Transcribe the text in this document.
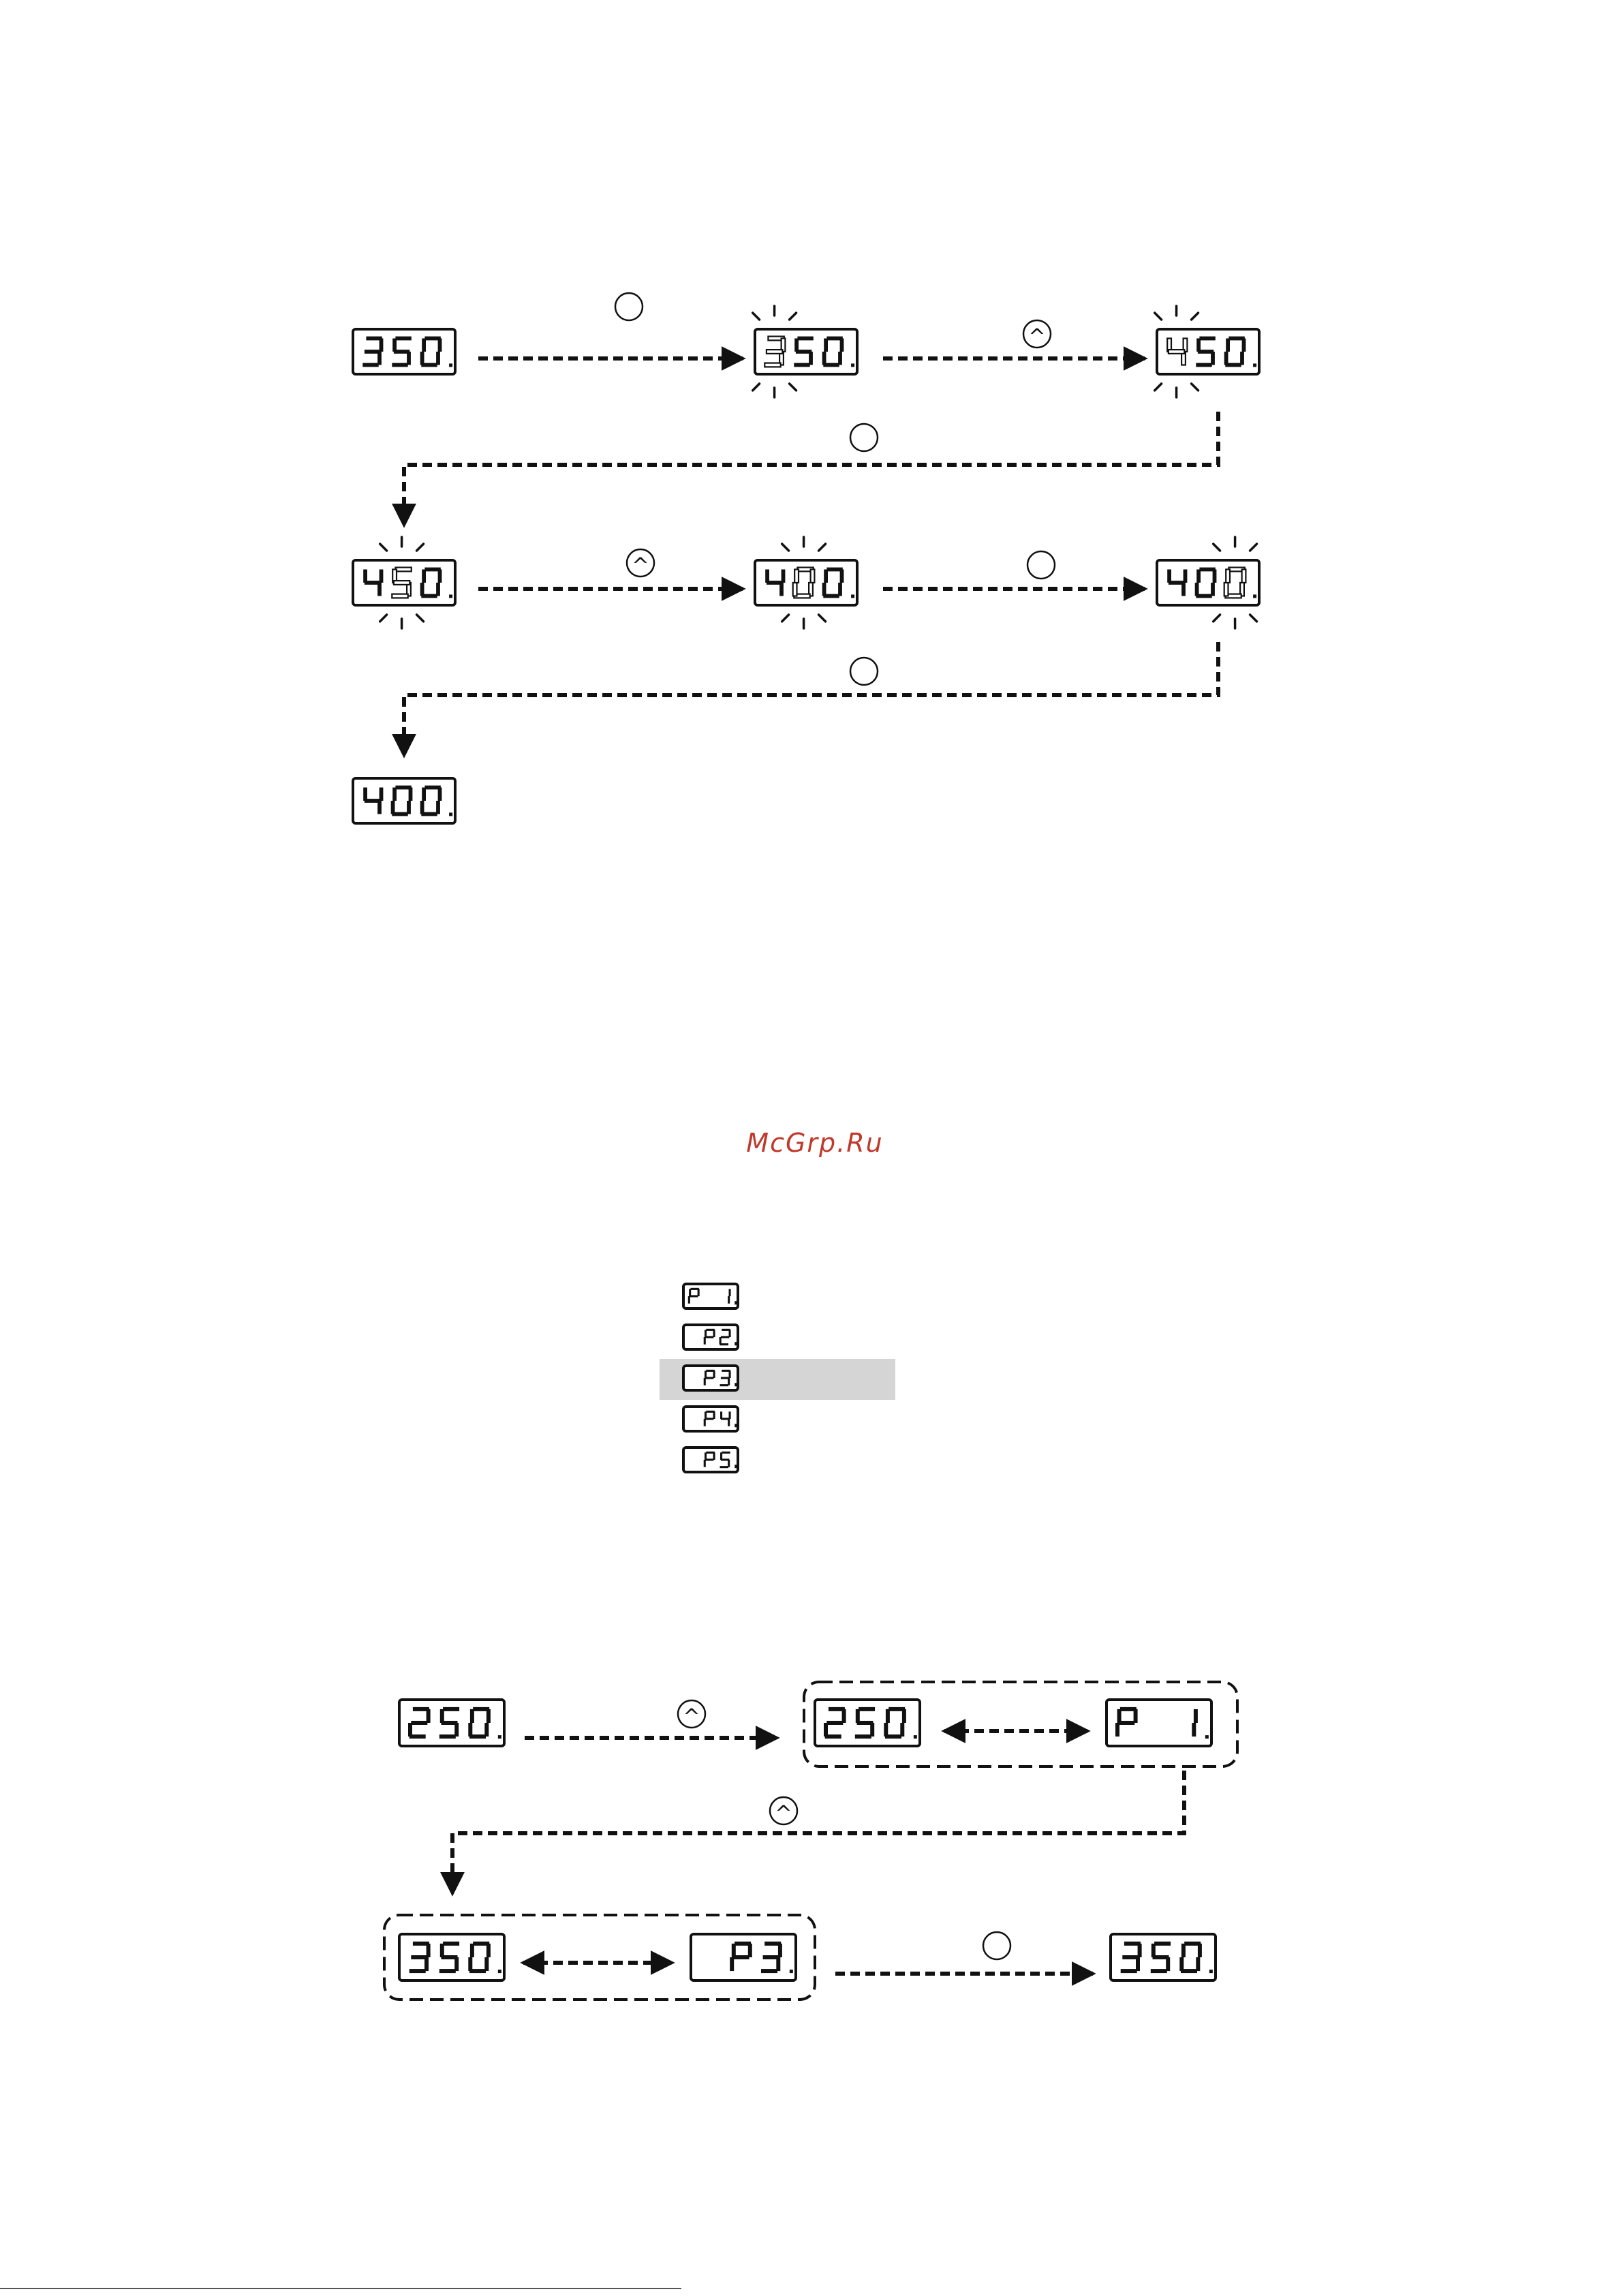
^
^
^
^
McGrp.Ru
